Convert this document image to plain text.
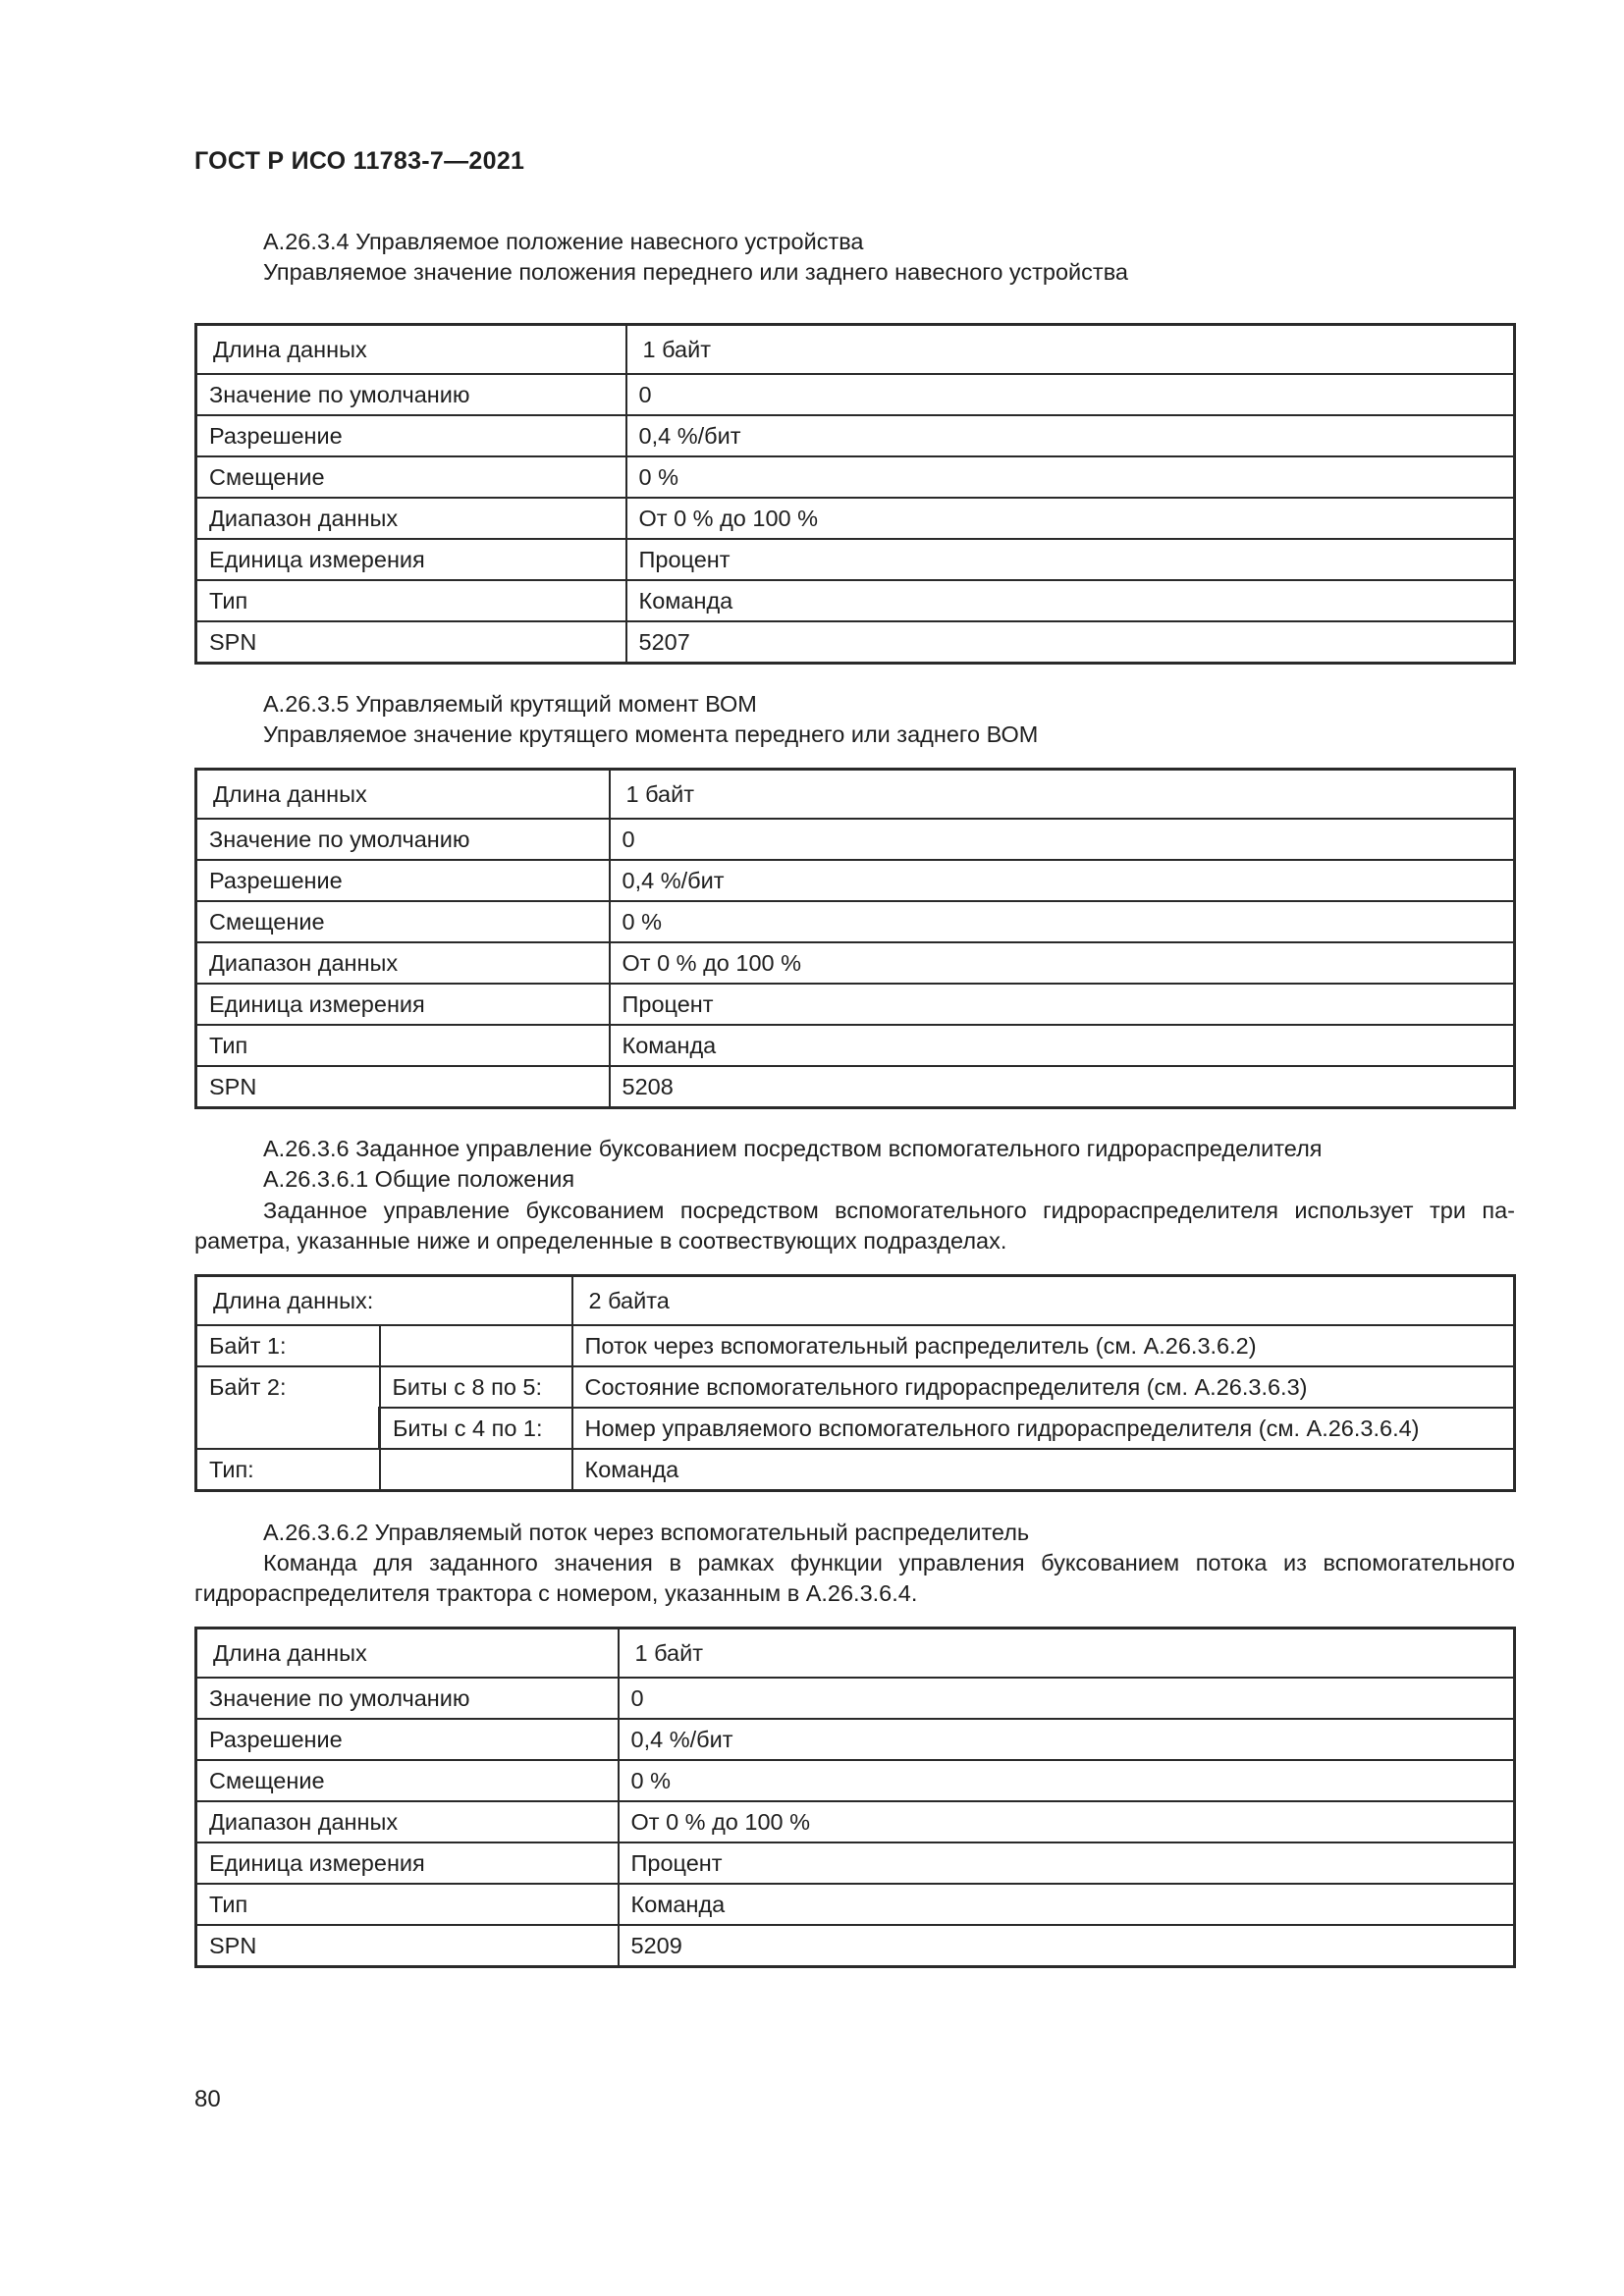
ГОСТ Р ИСО 11783-7—2021
А.26.3.4 Управляемое положение навесного устройства
Управляемое значение положения переднего или заднего навесного устройства
Длина данных	1 байт
Значение по умолчанию	0
Разрешение	0,4 %/бит
Смещение	0 %
Диапазон данных	От 0 % до 100 %
Единица измерения	Процент
Тип	Команда
SPN	5207
А.26.3.5 Управляемый крутящий момент ВОМ
Управляемое значение крутящего момента переднего или заднего ВОМ
Длина данных	1 байт
Значение по умолчанию	0
Разрешение	0,4 %/бит
Смещение	0 %
Диапазон данных	От 0 % до 100 %
Единица измерения	Процент
Тип	Команда
SPN	5208
А.26.3.6 Заданное управление буксованием посредством вспомогательного гидрораспределителя
А.26.3.6.1 Общие положения
Заданное управление буксованием посредством вспомогательного гидрораспределителя использует три па-раметра, указанные ниже и определенные в соотвествующих подразделах.
Длина данных:		2 байта
Байт 1:		Поток через вспомогательный распределитель (см. А.26.3.6.2)
Байт 2:	Биты с 8 по 5:	Состояние вспомогательного гидрораспределителя (см. А.26.3.6.3)
	Биты с 4 по 1:	Номер управляемого вспомогательного гидрораспределителя (см. А.26.3.6.4)
Тип:		Команда
А.26.3.6.2 Управляемый поток через вспомогательный распределитель
Команда для заданного значения в рамках функции управления буксованием потока из вспомогательного гидрораспределителя трактора с номером, указанным в А.26.3.6.4.
Длина данных	1 байт
Значение по умолчанию	0
Разрешение	0,4 %/бит
Смещение	0 %
Диапазон данных	От 0 % до 100 %
Единица измерения	Процент
Тип	Команда
SPN	5209
80
